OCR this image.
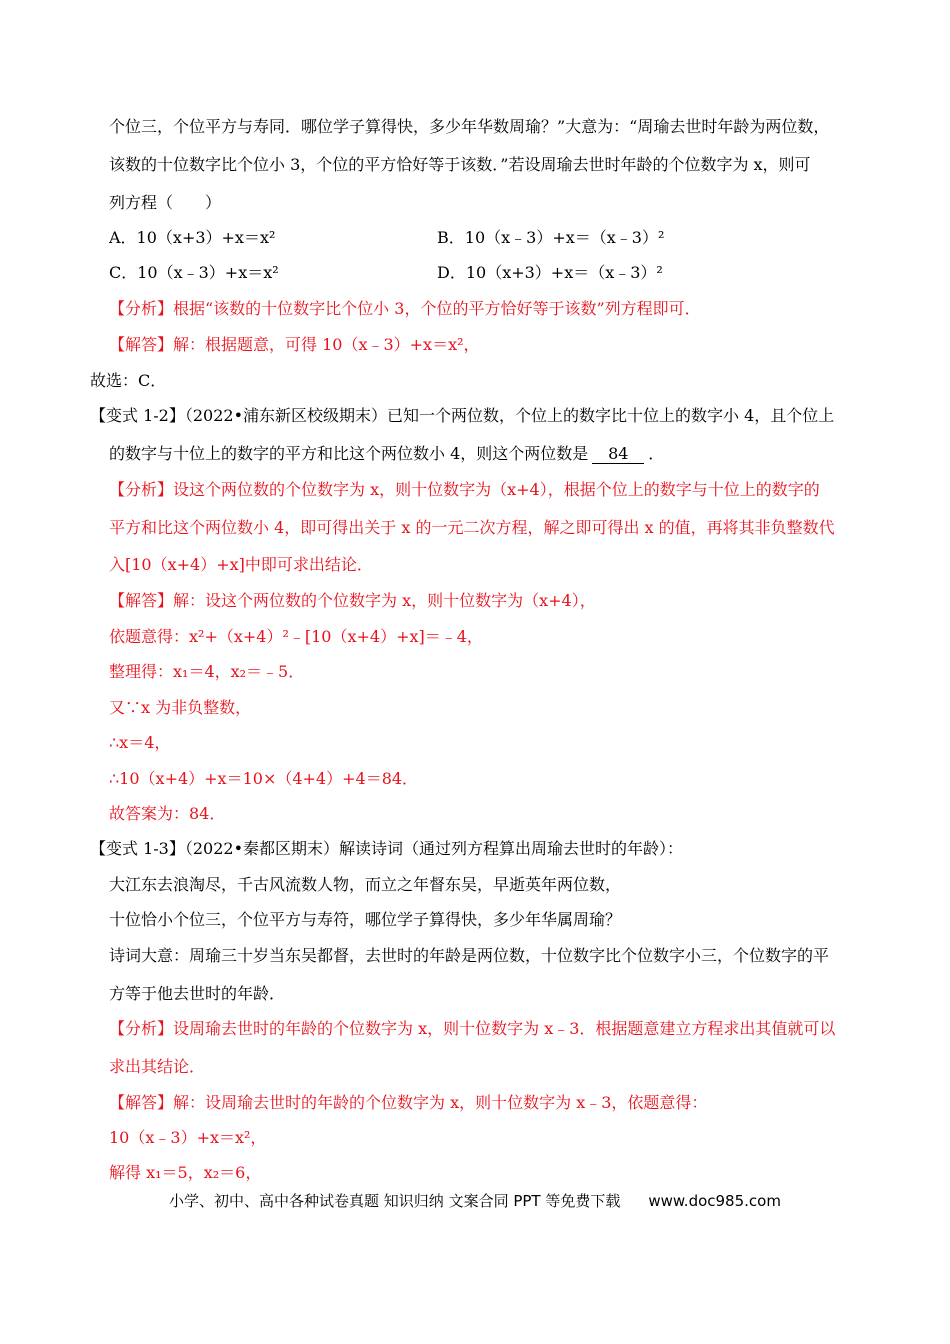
个位三，个位平方与寿同．哪位学子算得快，多少年华数周瑜？”大意为：“周瑜去世时年龄为两位数，
该数的十位数字比个位小 3，个位的平方恰好等于该数．”若设周瑜去世时年龄的个位数字为 x，则可
列方程（　　）
A．10（x+3）+x＝x²	B．10（x﹣3）+x＝（x﹣3）²
C．10（x﹣3）+x＝x²	D．10（x+3）+x＝（x﹣3）²
【分析】根据“该数的十位数字比个位小 3，个位的平方恰好等于该数”列方程即可．
【解答】解：根据题意，可得 10（x﹣3）+x＝x²，
故选：C．
【变式 1-2】（2022•浦东新区校级期末）已知一个两位数，个位上的数字比十位上的数字小 4，且个位上
的数字与十位上的数字的平方和比这个两位数小 4，则这个两位数是 84 ．
【分析】设这个两位数的个位数字为 x，则十位数字为（x+4），根据个位上的数字与十位上的数字的
平方和比这个两位数小 4，即可得出关于 x 的一元二次方程，解之即可得出 x 的值，再将其非负整数代
入[10（x+4）+x]中即可求出结论．
【解答】解：设这个两位数的个位数字为 x，则十位数字为（x+4），
依题意得：x²+（x+4）²﹣[10（x+4）+x]＝﹣4，
整理得：x₁＝4，x₂＝﹣5．
又∵x 为非负整数，
∴x＝4，
∴10（x+4）+x＝10×（4+4）+4＝84．
故答案为：84．
【变式 1-3】（2022•秦都区期末）解读诗词（通过列方程算出周瑜去世时的年龄）：
大江东去浪淘尽，千古风流数人物，而立之年督东吴，早逝英年两位数，
十位恰小个位三，个位平方与寿符，哪位学子算得快，多少年华属周瑜？
诗词大意：周瑜三十岁当东吴都督，去世时的年龄是两位数，十位数字比个位数字小三，个位数字的平
方等于他去世时的年龄．
【分析】设周瑜去世时的年龄的个位数字为 x，则十位数字为 x﹣3．根据题意建立方程求出其值就可以
求出其结论．
【解答】解：设周瑜去世时的年龄的个位数字为 x，则十位数字为 x﹣3，依题意得：
10（x﹣3）+x＝x²，
解得 x₁＝5，x₂＝6，
小学、初中、高中各种试卷真题 知识归纳 文案合同 PPT 等免费下载 www.doc985.com
